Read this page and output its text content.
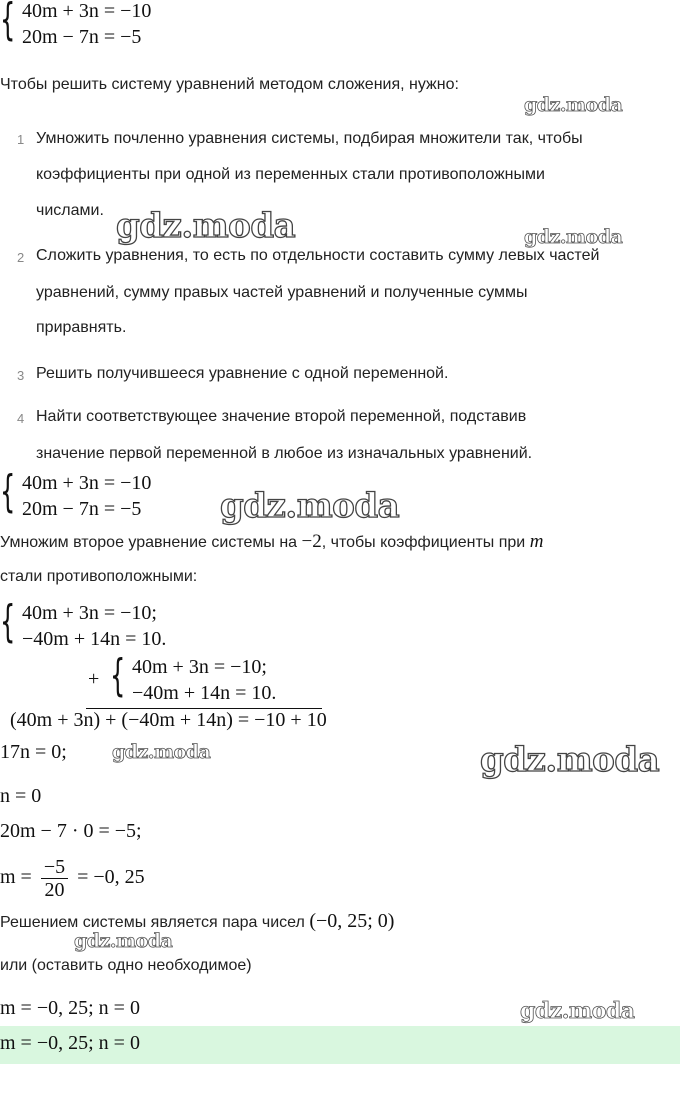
{ 40m + 3n = −10
20m − 7n = −5
Чтобы решить систему уравнений методом сложения, нужно:
gdz.moda
1 Умножить почленно уравнения системы, подбирая множители так, чтобы
коэффициенты при одной из переменных стали противоположными
числами. gdz.moda	gdz.moda
2 Сложить уравнения, то есть по отдельности составить сумму левых частей
уравнений, сумму правых частей уравнений и полученные суммы
приравнять.
3 Решить получившееся уравнение с одной переменной.
4 Найти соответствующее значение второй переменной, подставив
значение первой переменной в любое из изначальных уравнений.
{ 40m + 3n = −10
20m − 7n = −5 gdz.moda
Умножим второе уравнение системы на −2, чтобы коэффициенты при m
стали противоположными:
{ 40m + 3n = −10;
−40m + 14n = 10.
+ { 40m + 3n = −10;
−40m + 14n = 10.
(40m + 3n) + (−40m + 14n) = −10 + 10
17n = 0; gdz.moda	gdz.moda
n = 0
20m − 7 · 0 = −5;
$m = \frac{-5}{20} = -0$, 25
Решением системы является пара чисел (−0, 25; 0)
gdz.moda
или (оставить одно необходимое)
m = −0, 25; n = 0	gdz.moda
m = −0, 25; n = 0
